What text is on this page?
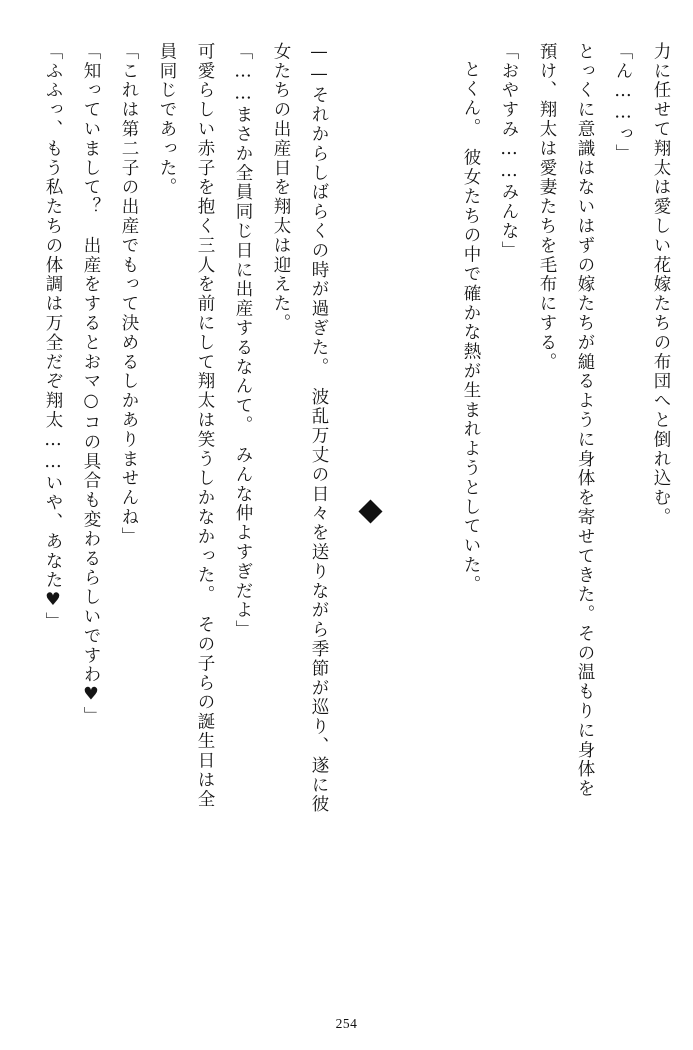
力に任せて翔太は愛しい花嫁たちの布団へと倒れ込む。
「ん……っ」
とっくに意識はないはずの嫁たちが縋るように身体を寄せてきた。その温もりに身体を
預け、翔太は愛妻たちを毛布にする。
「おやすみ……みんな」
とくん。　彼女たちの中で確かな熱が生まれようとしていた。
——それからしばらくの時が過ぎた。　波乱万丈の日々を送りながら季節が巡り、遂に彼
女たちの出産日を翔太は迎えた。
「……まさか全員同じ日に出産するなんて。　みんな仲よすぎだよ」
可愛らしい赤子を抱く三人を前にして翔太は笑うしかなかった。　その子らの誕生日は全
員同じであった。
「これは第二子の出産でもって決めるしかありませんね」
「知っていまして？　出産をするとおマ○コの具合も変わるらしいですわ♥」
「ふふっ、もう私たちの体調は万全だぞ翔太……いや、あなた♥」
254
